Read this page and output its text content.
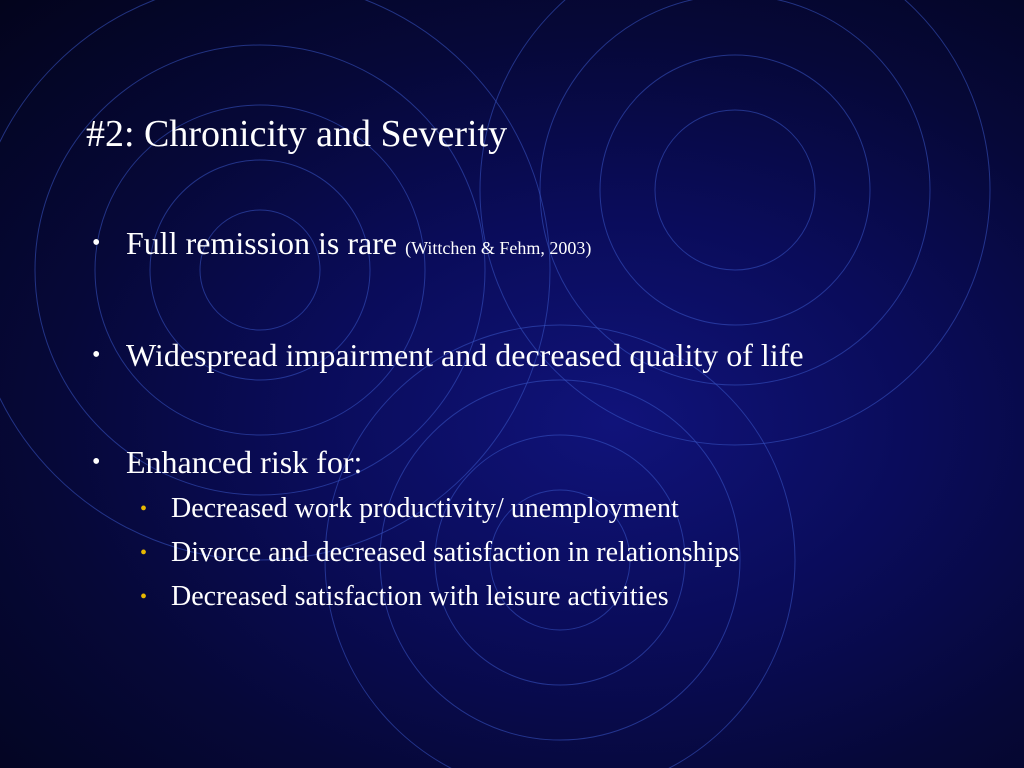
#2: Chronicity and Severity
• Full remission is rare (Wittchen & Fehm, 2003)
• Widespread impairment and decreased quality of life
• Enhanced risk for:
• Decreased work productivity/ unemployment
• Divorce and decreased satisfaction in relationships
• Decreased satisfaction with leisure activities
